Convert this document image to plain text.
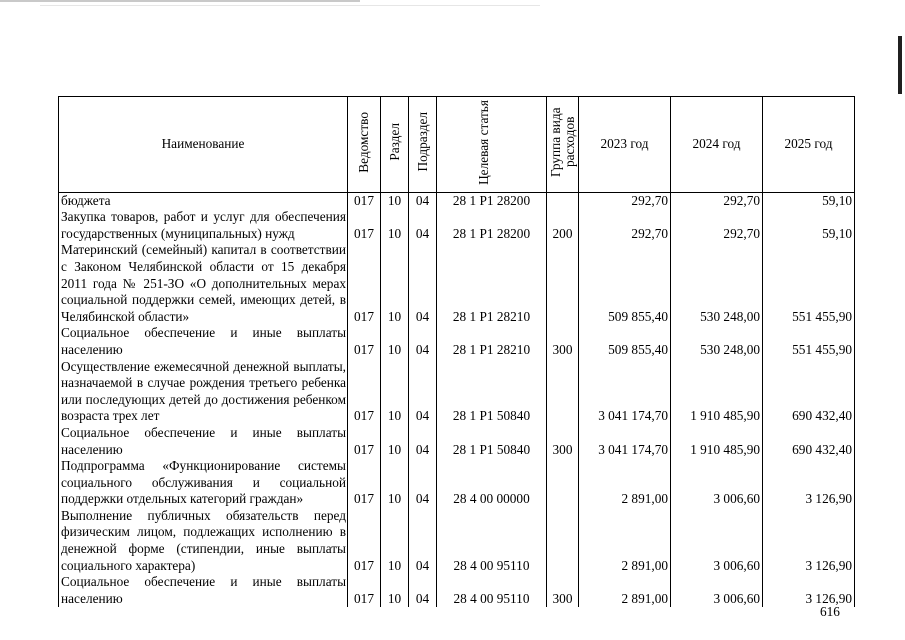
Наименование	Ведомство	Раздел	Подраздел	Целевая статья	Группа вида расходов	2023 год	2024 год	2025 год
бюджета	017	10	04	28 1 P1 28200		292,70	292,70	59,10
Закупка товаров, работ и услуг для обеспечения государственных (муниципальных) нужд	017	10	04	28 1 P1 28200	200	292,70	292,70	59,10
Материнский (семейный) капитал в соответствии с Законом Челябинской области от 15 декабря 2011 года № 251-ЗО «О дополнительных мерах социальной поддержки семей, имеющих детей, в Челябинской области»	017	10	04	28 1 P1 28210		509 855,40	530 248,00	551 455,90
Социальное обеспечение и иные выплаты населению	017	10	04	28 1 P1 28210	300	509 855,40	530 248,00	551 455,90
Осуществление ежемесячной денежной выплаты, назначаемой в случае рождения третьего ребенка или последующих детей до достижения ребенком возраста трех лет	017	10	04	28 1 P1 50840		3 041 174,70	1 910 485,90	690 432,40
Социальное обеспечение и иные выплаты населению	017	10	04	28 1 P1 50840	300	3 041 174,70	1 910 485,90	690 432,40
Подпрограмма «Функционирование системы социального обслуживания и социальной поддержки отдельных категорий граждан»	017	10	04	28 4 00 00000		2 891,00	3 006,60	3 126,90
Выполнение публичных обязательств перед физическим лицом, подлежащих исполнению в денежной форме (стипендии, иные выплаты социального характера)	017	10	04	28 4 00 95110		2 891,00	3 006,60	3 126,90
Социальное обеспечение и иные выплаты населению	017	10	04	28 4 00 95110	300	2 891,00	3 006,60	3 126,90
616
